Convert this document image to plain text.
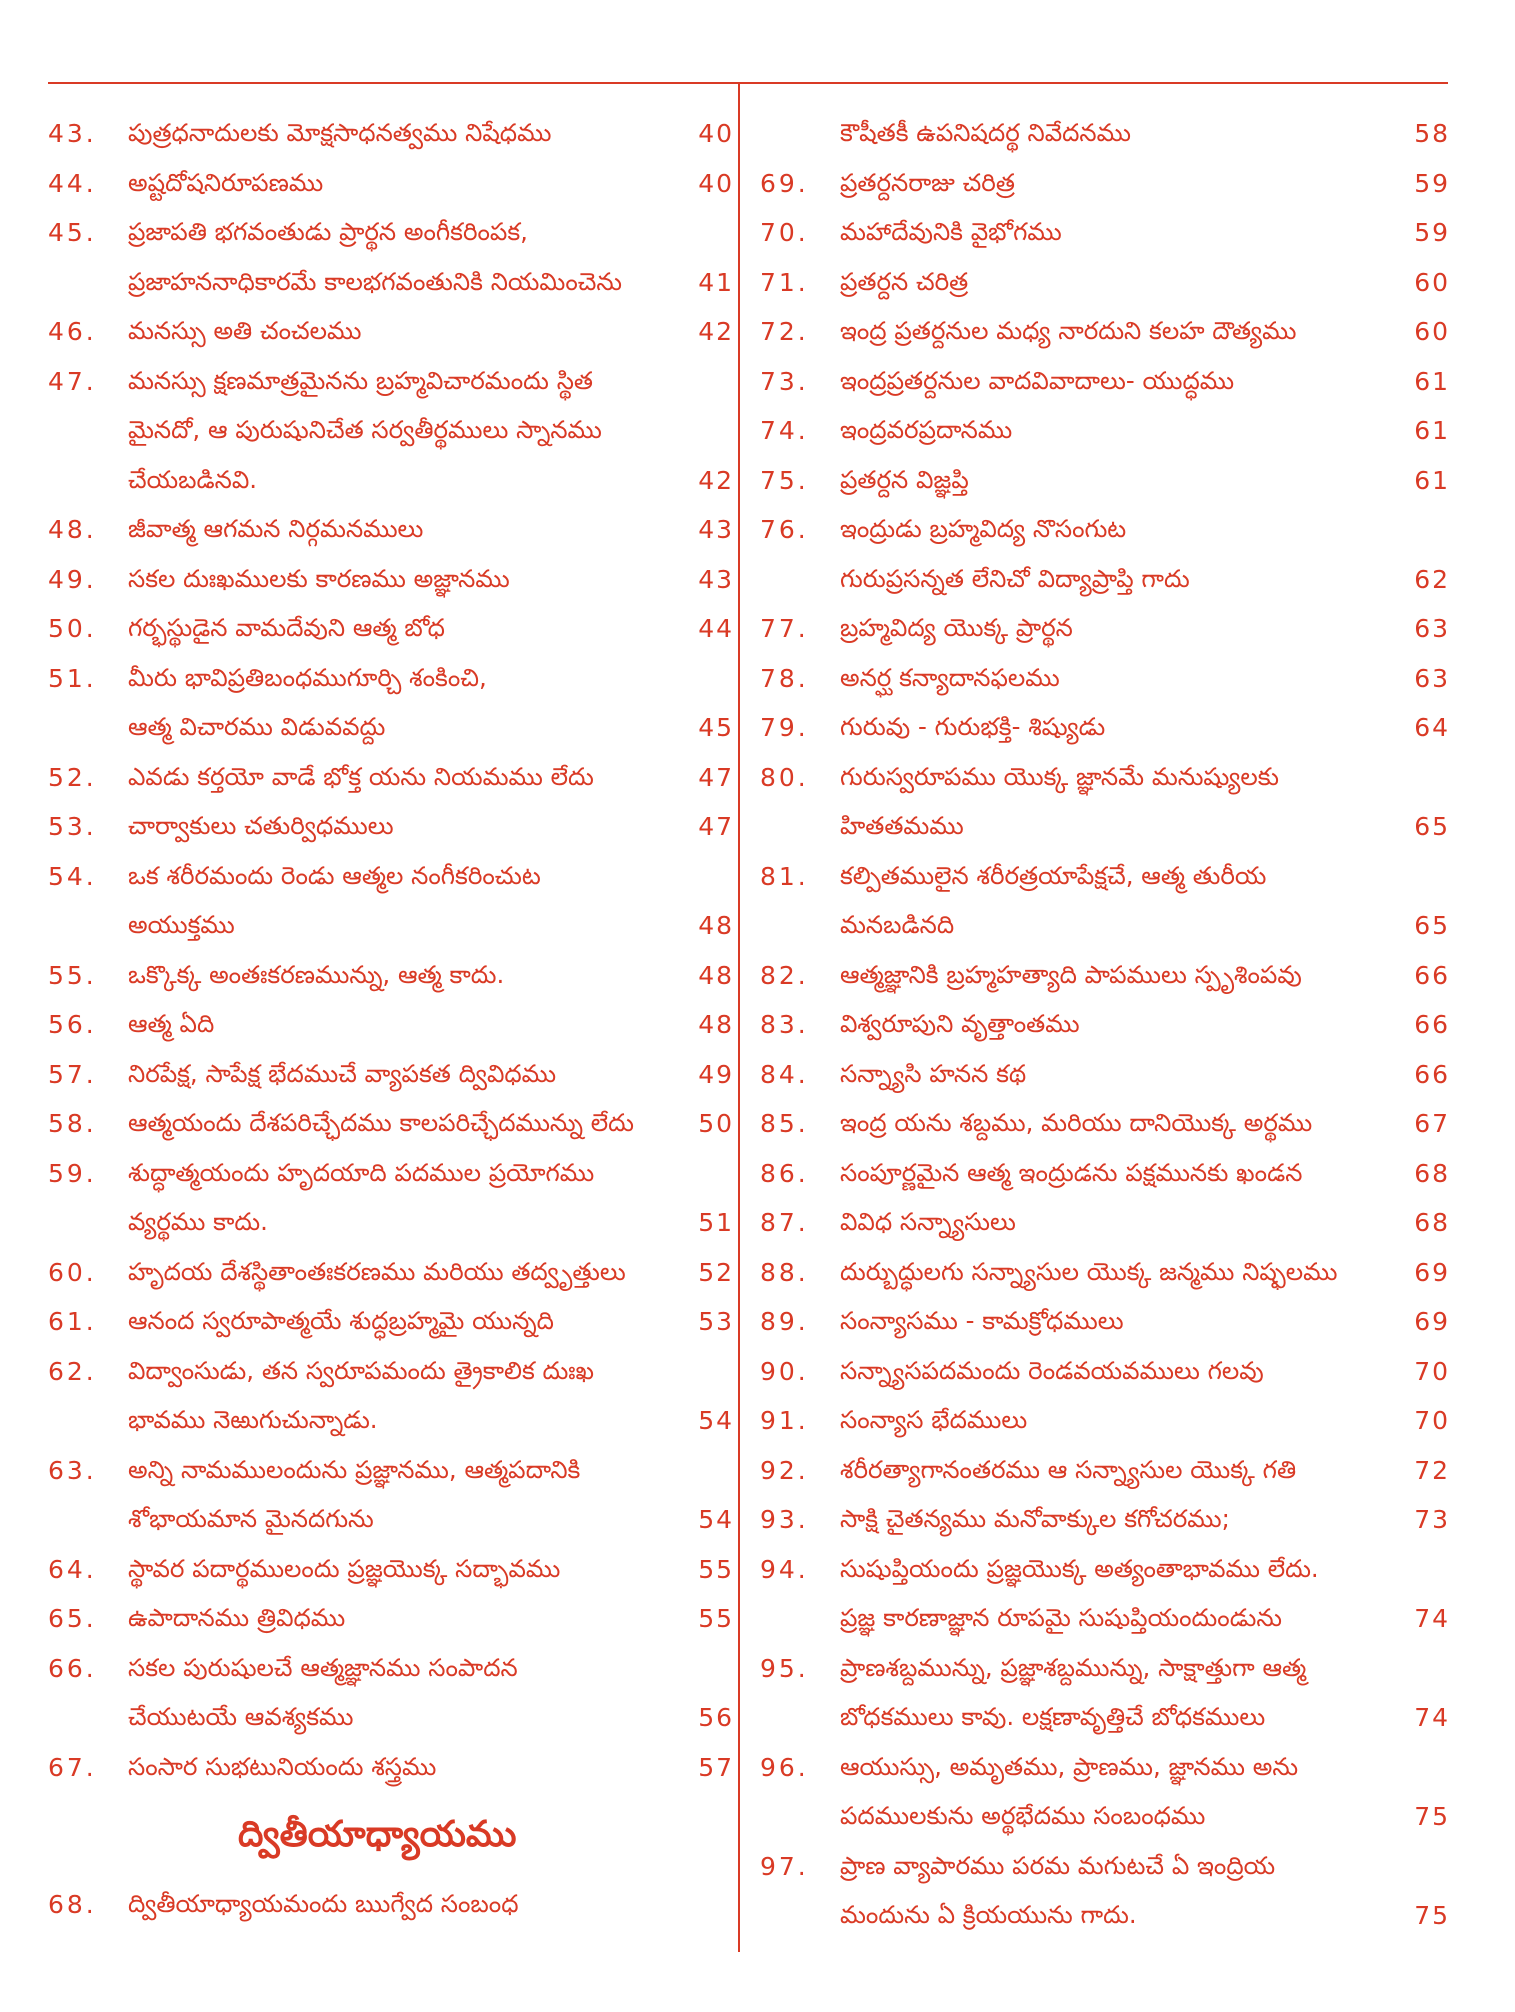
43.	పుత్రధనాదులకు మోక్షసాధనత్వము నిషేధము	40
44.	అష్టదోషనిరూపణము	40
45.	ప్రజాపతి భగవంతుడు ప్రార్థన అంగీకరింపక,
ప్రజాహననాధికారమే కాలభగవంతునికి నియమించెను	41
46.	మనస్సు అతి చంచలము	42
47.	మనస్సు క్షణమాత్రమైనను బ్రహ్మవిచారమందు స్థిత
మైనదో, ఆ పురుషునిచేత సర్వతీర్థములు స్నానము
చేయబడినవి.	42
48.	జీవాత్మ ఆగమన నిర్గమనములు	43
49.	సకల దుఃఖములకు కారణము అజ్ఞానము	43
50.	గర్భస్థుడైన వామదేవుని ఆత్మ బోధ	44
51.	మీరు భావిప్రతిబంధముగూర్చి శంకించి,
ఆత్మ విచారము విడువవద్దు	45
52.	ఎవడు కర్తయో వాడే భోక్త యను నియమము లేదు	47
53.	చార్వాకులు చతుర్విధములు	47
54.	ఒక శరీరమందు రెండు ఆత్మల నంగీకరించుట
అయుక్తము	48
55.	ఒక్కొక్క అంతఃకరణమున్ను, ఆత్మ కాదు.	48
56.	ఆత్మ ఏది	48
57.	నిరపేక్ష, సాపేక్ష భేదముచే వ్యాపకత ద్వివిధము	49
58.	ఆత్మయందు దేశపరిచ్ఛేదము కాలపరిచ్ఛేదమున్ను లేదు	50
59.	శుద్ధాత్మయందు హృదయాది పదముల ప్రయోగము
వ్యర్థము కాదు.	51
60.	హృదయ దేశస్థితాంతఃకరణము మరియు తద్వృత్తులు	52
61.	ఆనంద స్వరూపాత్మయే శుద్ధబ్రహ్మమై యున్నది	53
62.	విద్వాంసుడు, తన స్వరూపమందు త్రైకాలిక దుఃఖ
భావము నెఱుగుచున్నాడు.	54
63.	అన్ని నామములందును ప్రజ్ఞానము, ఆత్మపదానికి
శోభాయమాన మైనదగును	54
64.	స్థావర పదార్థములందు ప్రజ్ఞయొక్క సద్భావము	55
65.	ఉపాదానము త్రివిధము	55
66.	సకల పురుషులచే ఆత్మజ్ఞానము సంపాదన
చేయుటయే ఆవశ్యకము	56
67.	సంసార సుభటునియందు శస్త్రము	57
ద్వితీయాధ్యాయము
68.	ద్వితీయాధ్యాయమందు ఋగ్వేద సంబంధ
కౌషీతకీ ఉపనిషదర్థ నివేదనము	58
69.	ప్రతర్దనరాజు చరిత్ర	59
70.	మహాదేవునికి వైభోగము	59
71.	ప్రతర్దన చరిత్ర	60
72.	ఇంద్ర ప్రతర్దనుల మధ్య నారదుని కలహ దౌత్యము	60
73.	ఇంద్రప్రతర్దనుల వాదవివాదాలు- యుద్ధము	61
74.	ఇంద్రవరప్రదానము	61
75.	ప్రతర్దన విజ్ఞప్తి	61
76.	ఇంద్రుడు బ్రహ్మవిద్య నొసంగుట
గురుప్రసన్నత లేనిచో విద్యాప్రాప్తి గాదు	62
77.	బ్రహ్మవిద్య యొక్క ప్రార్థన	63
78.	అనర్ఘ కన్యాదానఫలము	63
79.	గురువు - గురుభక్తి- శిష్యుడు	64
80.	గురుస్వరూపము యొక్క జ్ఞానమే మనుష్యులకు
హితతమము	65
81.	కల్పితములైన శరీరత్రయాపేక్షచే, ఆత్మ తురీయ
మనబడినది	65
82.	ఆత్మజ్ఞానికి బ్రహ్మహత్యాది పాపములు స్పృశింపవు	66
83.	విశ్వరూపుని వృత్తాంతము	66
84.	సన్న్యాసి హనన కథ	66
85.	ఇంద్ర యను శబ్దము, మరియు దానియొక్క అర్థము	67
86.	సంపూర్ణమైన ఆత్మ ఇంద్రుడను పక్షమునకు ఖండన	68
87.	వివిధ సన్న్యాసులు	68
88.	దుర్బుద్ధులగు సన్న్యాసుల యొక్క జన్మము నిష్ఫలము	69
89.	సంన్యాసము - కామక్రోధములు	69
90.	సన్న్యాసపదమందు రెండవయవములు గలవు	70
91.	సంన్యాస భేదములు	70
92.	శరీరత్యాగానంతరము ఆ సన్న్యాసుల యొక్క గతి	72
93.	సాక్షి చైతన్యము మనోవాక్కుల కగోచరము;	73
94.	సుషుప్తియందు ప్రజ్ఞయొక్క అత్యంతాభావము లేదు.
ప్రజ్ఞ కారణాజ్ఞాన రూపమై సుషుప్తియందుండును	74
95.	ప్రాణశబ్దమున్ను, ప్రజ్ఞాశబ్దమున్ను, సాక్షాత్తుగా ఆత్మ
బోధకములు కావు. లక్షణావృత్తిచే బోధకములు	74
96.	ఆయుస్సు, అమృతము, ప్రాణము, జ్ఞానము అను
పదములకును అర్థభేదము సంబంధము	75
97.	ప్రాణ వ్యాపారము పరమ మగుటచే ఏ ఇంద్రియ
మందును ఏ క్రియయును గాదు.	75
